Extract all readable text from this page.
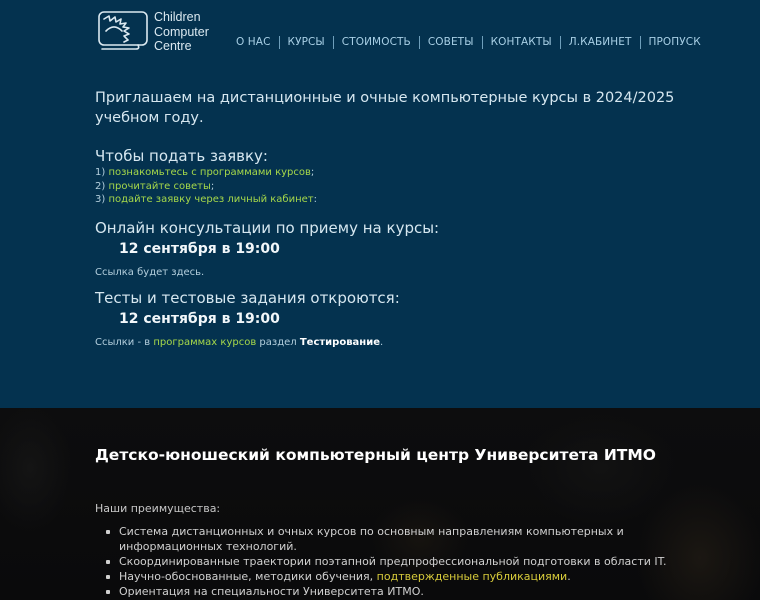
Children
Computer
Centre	О НАС	КУРСЫ	СТОИМОСТЬ	СОВЕТЫ	КОНТАКТЫ	Л.КАБИНЕТ	ПРОПУСК
Приглашаем на дистанционные и очные компьютерные курсы в 2024/2025 учебном году.
Чтобы подать заявку:
1) познакомьтесь с программами курсов;
2) прочитайте советы;
3) подайте заявку через личный кабинет:
Онлайн консультации по приему на курсы:
12 сентября в 19:00
Ссылка будет здесь.
Тесты и тестовые задания откроются:
12 сентября в 19:00
Ссылки - в программах курсов раздел Тестирование.
Детско-юношеский компьютерный центр Университета ИТМО
Наши преимущества:
Система дистанционных и очных курсов по основным направлениям компьютерных и информационных технологий.
Скоординированные траектории поэтапной предпрофессиональной подготовки в области IT.
Научно-обоснованные, методики обучения, подтвержденные публикациями.
Ориентация на специальности Университета ИТМО.
